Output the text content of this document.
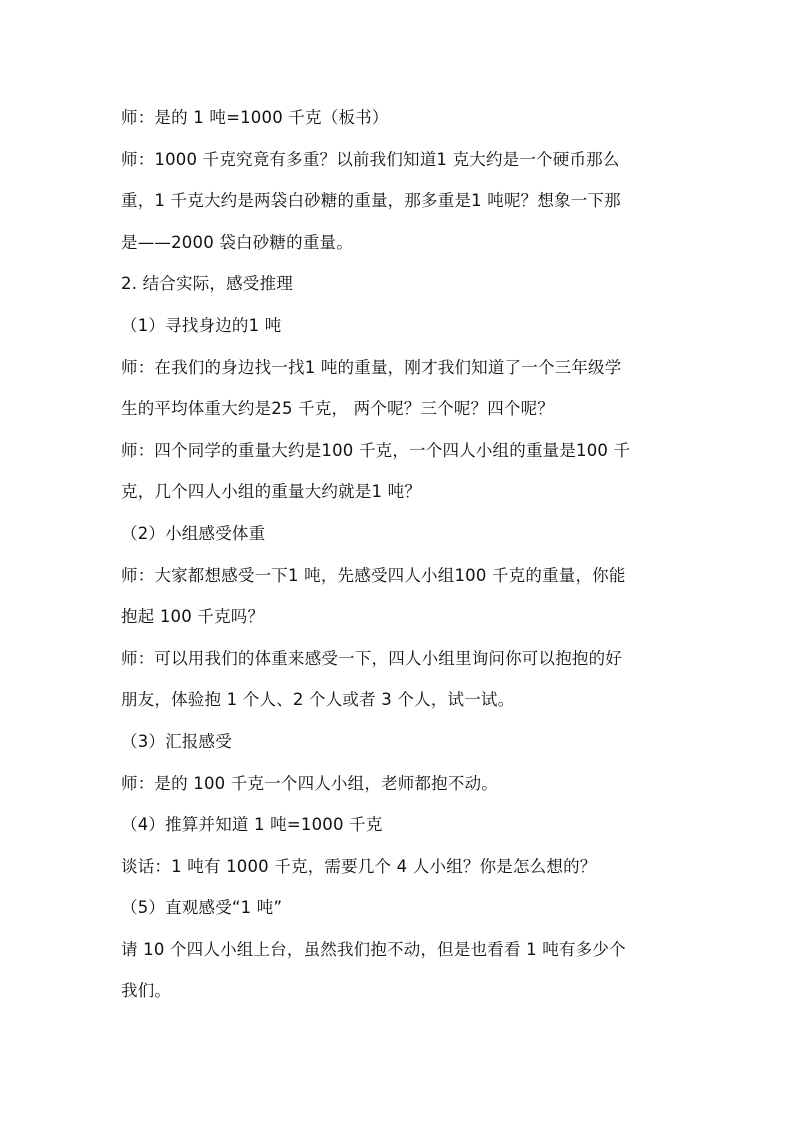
师：是的 1 吨=1000 千克（板书）

师：1000 千克究竟有多重？以前我们知道1 克大约是一个硬币那么

重，1 千克大约是两袋白砂糖的重量，那多重是1 吨呢？想象一下那

是——2000 袋白砂糖的重量。

2. 结合实际，感受推理

（1）寻找身边的1 吨

师：在我们的身边找一找1 吨的重量，刚才我们知道了一个三年级学

生的平均体重大约是25 千克， 两个呢？三个呢？四个呢？

师：四个同学的重量大约是100 千克，一个四人小组的重量是100 千

克，几个四人小组的重量大约就是1 吨？

（2）小组感受体重

师：大家都想感受一下1 吨，先感受四人小组100 千克的重量，你能

抱起 100 千克吗？

师：可以用我们的体重来感受一下，四人小组里询问你可以抱抱的好

朋友，体验抱 1 个人、2 个人或者 3 个人，试一试。

（3）汇报感受

师：是的 100 千克一个四人小组，老师都抱不动。

（4）推算并知道 1 吨=1000 千克

谈话：1 吨有 1000 千克，需要几个 4 人小组？你是怎么想的？

（5）直观感受“1 吨”

请 10 个四人小组上台，虽然我们抱不动，但是也看看 1 吨有多少个

我们。
